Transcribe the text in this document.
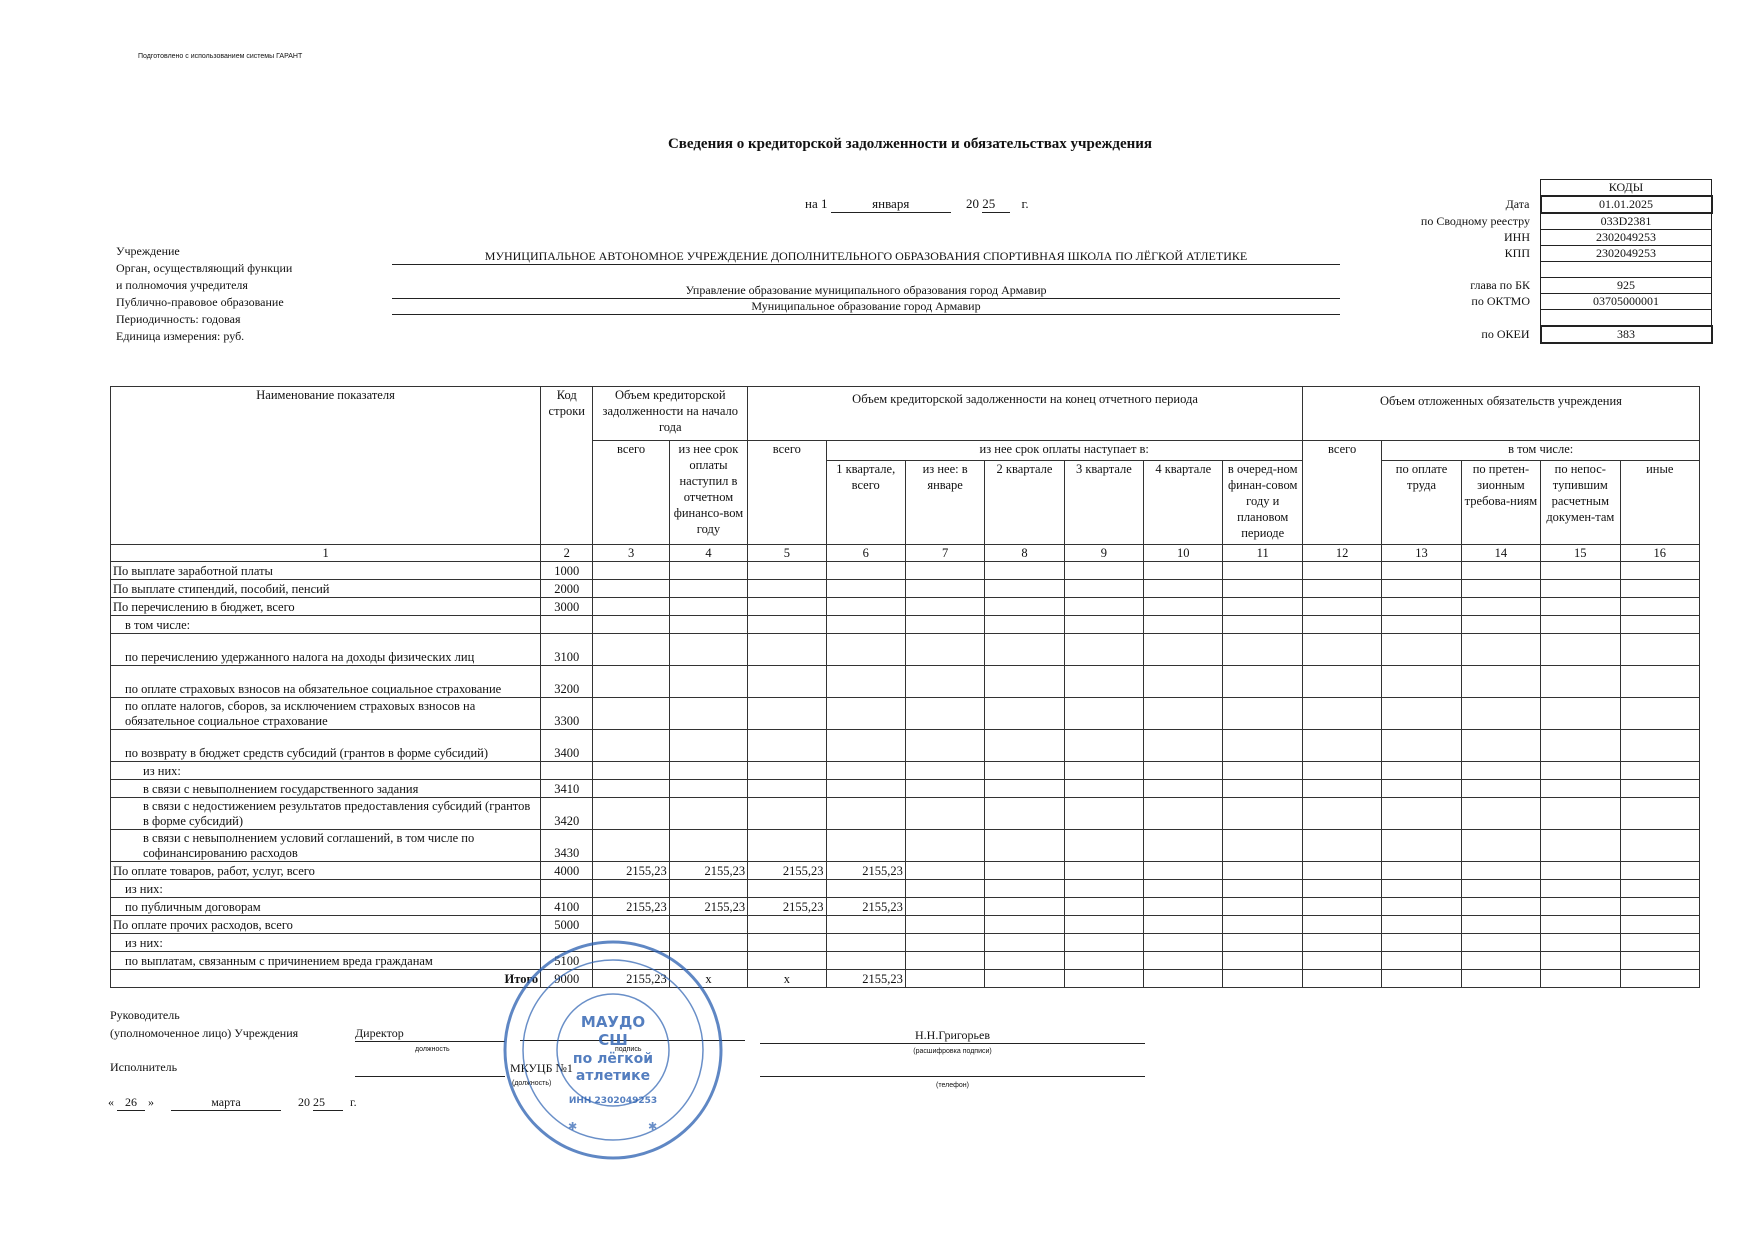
Подготовлено с использованием системы ГАРАНТ
Сведения о кредиторской задолженности и обязательствах учреждения
на 1	января	20 25 г.
	КОДЫ
Дата	01.01.2025
по Сводному реестру	033D2381
ИНН	2302049253
КПП	2302049253

глава по БК	925
по ОКТМО	03705000001

по ОКЕИ	383
Учреждение	МУНИЦИПАЛЬНОЕ АВТОНОМНОЕ УЧРЕЖДЕНИЕ ДОПОЛНИТЕЛЬНОГО ОБРАЗОВАНИЯ СПОРТИВНАЯ ШКОЛА ПО ЛЁГКОЙ АТЛЕТИКЕ
Орган, осуществляющий функции
и полномочия учредителя	Управление образование муниципального образования город Армавир
Публично-правовое образование	Муниципальное образование город Армавир
Периодичность: годовая
Единица измерения: руб.
Наименование показателя	Код строки	Объем кредиторской задолженности на начало года		Объем кредиторской задолженности на конец отчетного периода							Объем отложенных обязательств учреждения				
		всего	из нее срок оплаты наступил в отчетном финансо-вом году	всего	из нее срок оплаты наступает в:						всего	в том числе:			
					1 квартале, всего	из нее: в январе	2 квартале	3 квартале	4 квартале	в очеред-ном финан-совом году и плановом периоде		по оплате труда	по претен-зионным требова-ниям	по непос-тупившим расчетным докумен-там	иные
1	2	3	4	5	6	7	8	9	10	11	12	13	14	15	16
По выплате заработной платы	1000														
По выплате стипендий, пособий, пенсий	2000														
По перечислению в бюджет, всего	3000														
в том числе:															
по перечислению удержанного налога на доходы физических лиц	3100														
по оплате страховых взносов на обязательное социальное страхование	3200														
по оплате налогов, сборов, за исключением страховых взносов на обязательное социальное страхование	3300														
по возврату в бюджет средств субсидий (грантов в форме субсидий)	3400														
из них:															
в связи с невыполнением государственного задания	3410														
в связи с недостижением результатов предоставления субсидий (грантов в форме субсидий)	3420														
в связи с невыполнением условий соглашений, в том числе по софинансированию расходов	3430														
По оплате товаров, работ, услуг, всего	4000	2155,23	2155,23	2155,23	2155,23										
из них:															
по публичным договорам	4100	2155,23	2155,23	2155,23	2155,23										
По оплате прочих расходов, всего	5000														
из них:															
по выплатам, связанным с причинением вреда гражданам	5100														
Итого	9000	2155,23	x	x	2155,23										
Руководитель
(уполномоченное лицо) Учреждения	Директор
должность	подпись
Н.Н.Григорьев
(расшифровка подписи)
Исполнитель	МКУЦБ №1
(должность)	(телефон)
« 26 »	марта	20 25 г.
МАУДО
СШ
по лёгкой
атлетике
ИНН 2302049253
✱	✱
